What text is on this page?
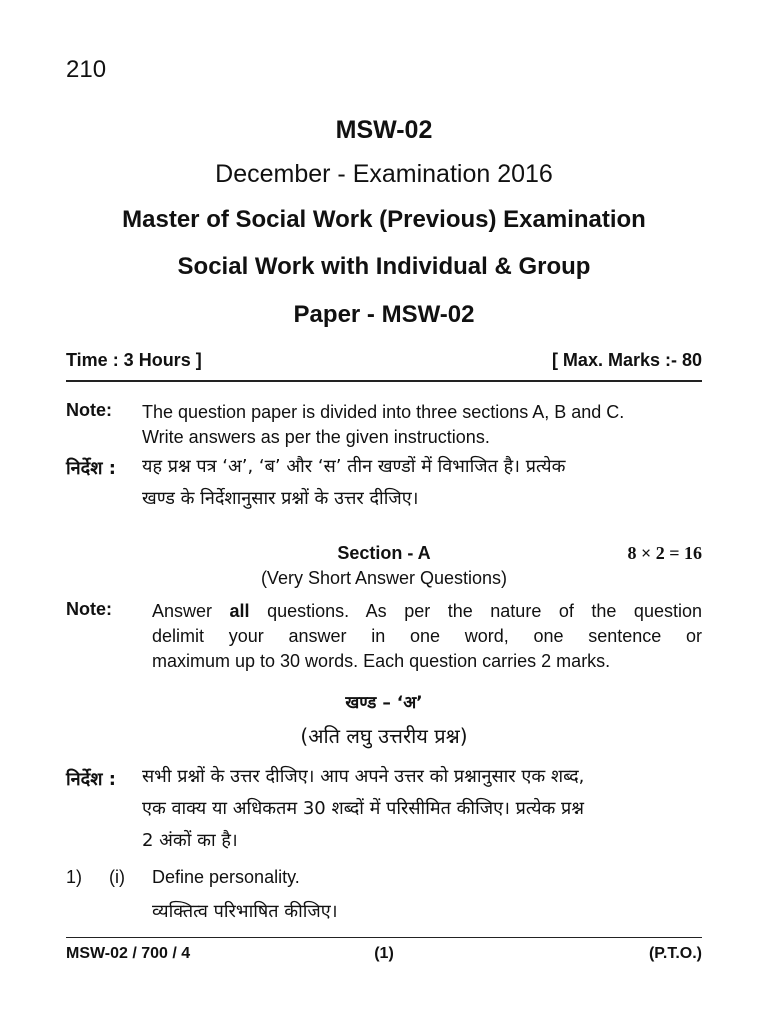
210
MSW-02
December - Examination 2016
Master of Social Work (Previous) Examination
Social Work with Individual & Group
Paper - MSW-02
Time : 3 Hours ]	[ Max. Marks :- 80
Note: The question paper is divided into three sections A, B and C.
Write answers as per the given instructions.
निर्देश : यह प्रश्न पत्र ‘अ’, ‘ब’ और ‘स’ तीन खण्डों में विभाजित है। प्रत्येक
खण्ड के निर्देशानुसार प्रश्नों के उत्तर दीजिए।
Section - A	8 × 2 = 16
(Very Short Answer Questions)
Note: Answer all questions. As per the nature of the question
delimit your answer in one word, one sentence or
maximum up to 30 words. Each question carries 2 marks.
खण्ड – ‘अ’
(अति लघु उत्तरीय प्रश्न)
निर्देश : सभी प्रश्नों के उत्तर दीजिए। आप अपने उत्तर को प्रश्नानुसार एक शब्द,
एक वाक्य या अधिकतम 30 शब्दों में परिसीमित कीजिए। प्रत्येक प्रश्न
2 अंकों का है।
1) (i) Define personality.
व्यक्तित्व परिभाषित कीजिए।
MSW-02 / 700 / 4	(1)	(P.T.O.)
